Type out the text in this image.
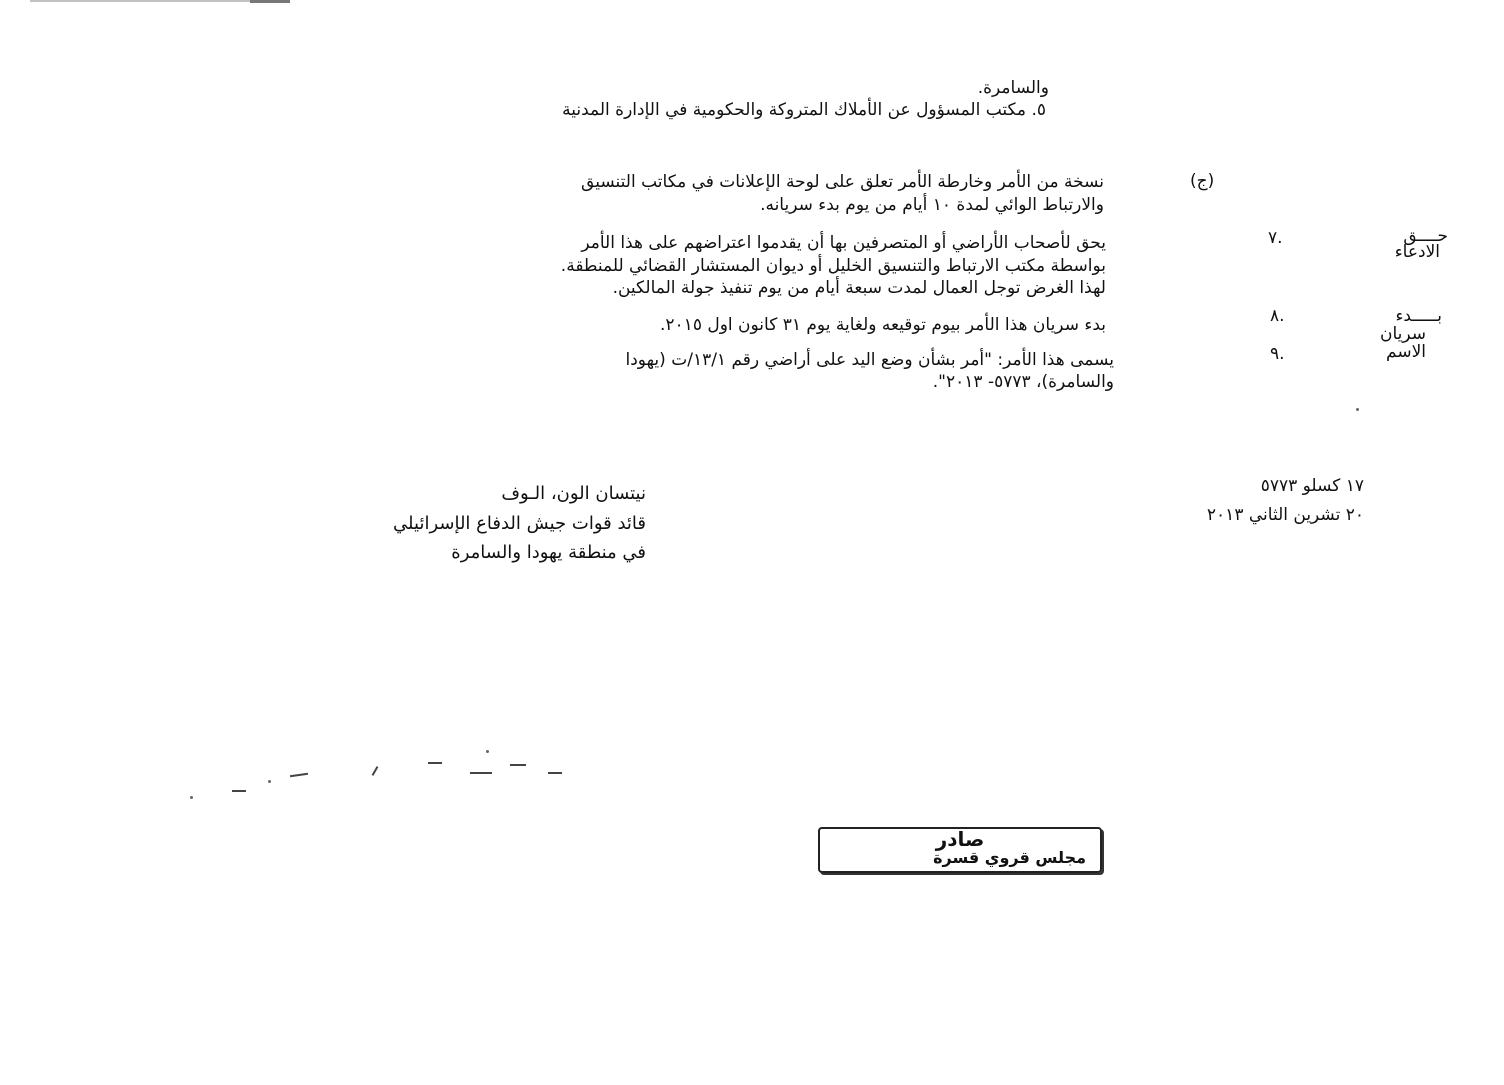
والسامرة.
٥. مكتب المسؤول عن الأملاك المتروكة والحكومية في الإدارة المدنية
(ج)
نسخة من الأمر وخارطة الأمر تعلق على لوحة الإعلانات في مكاتب التنسيق
والارتباط الوائي لمدة ١٠ أيام من يوم بدء سريانه.
حــــق
الادعاء
٧.
يحق لأصحاب الأراضي أو المتصرفين بها أن يقدموا اعتراضهم على هذا الأمر
بواسطة مكتب الارتباط والتنسيق الخليل أو ديوان المستشار القضائي للمنطقة.
لهذا الغرض توجل العمال لمدت سبعة أيام من يوم تنفيذ جولة المالكين.
بـــــدء
سريان
٨.
بدء سريان هذا الأمر بيوم توقيعه ولغاية يوم ٣١ كانون اول ٢٠١٥.
الاسم
٩.
يسمى هذا الأمر: "أمر بشأن وضع اليد على أراضي رقم ١٣/١/ت (يهودا
والسامرة)، ٥٧٧٣- ٢٠١٣".
١٧ كسلو ٥٧٧٣
٢٠ تشرين الثاني ٢٠١٣
نيتسان الون، الـوف
قائد قوات جيش الدفاع الإسرائيلي
في منطقة يهودا والسامرة
صادر
مجلس قروي قسرة
